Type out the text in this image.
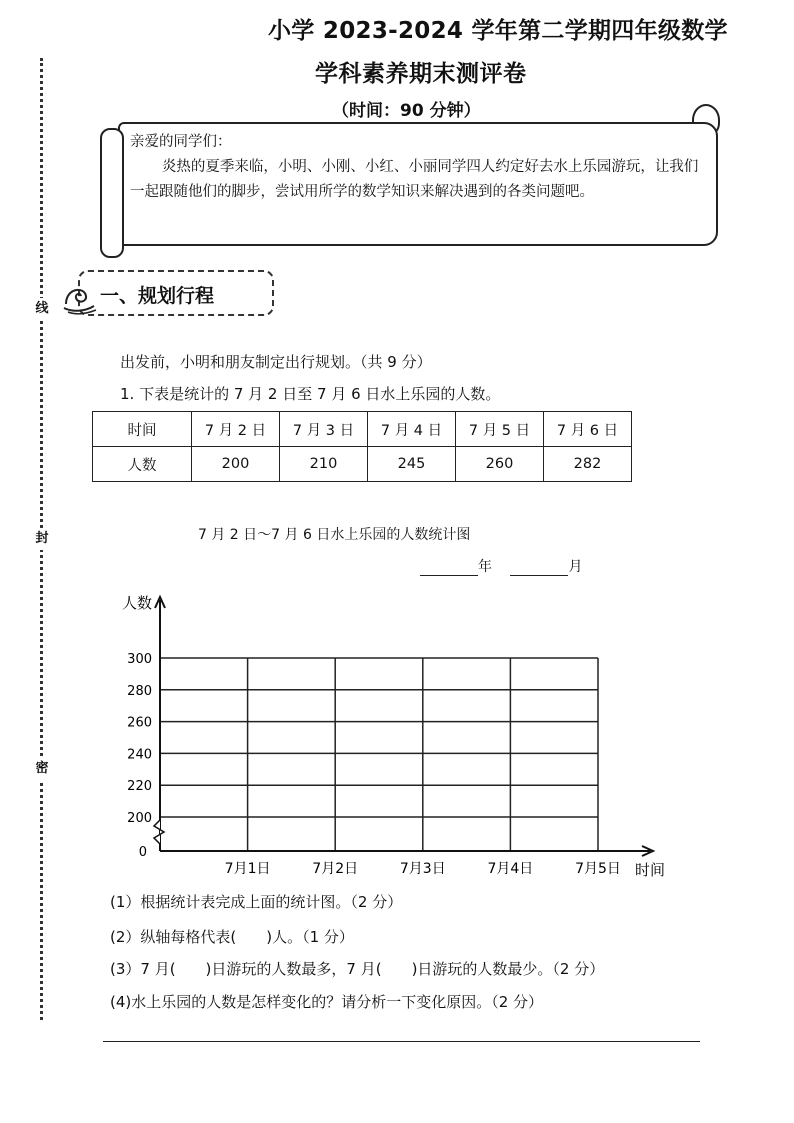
线
封
密
小学 2023-2024 学年第二学期四年级数学
学科素养期末测评卷
（时间：90 分钟）

亲爱的同学们：

炎热的夏季来临，小明、小刚、小红、小丽同学四人约定好去水上乐园游玩，让我们一起跟随他们的脚步，尝试用所学的数学知识来解决遇到的各类问题吧。

一、规划行程
出发前，小明和朋友制定出行规划。（共 9 分）
1. 下表是统计的 7 月 2 日至 7 月 6 日水上乐园的人数。
时间	7 月 2 日	7 月 3 日	7 月 4 日	7 月 5 日	7 月 6 日
人数	200	210	245	260	282
7 月 2 日～7 月 6 日水上乐园的人数统计图
年	月
0
200
220
240
260
280
300
7月1日	7月2日	7月3日	7月4日	7月5日
人数
时间
(1）根据统计表完成上面的统计图。（2 分）
(2）纵轴每格代表(　　)人。（1 分）
(3）7 月(　　)日游玩的人数最多，7 月(　　)日游玩的人数最少。（2 分）
(4)水上乐园的人数是怎样变化的？请分析一下变化原因。（2 分）
